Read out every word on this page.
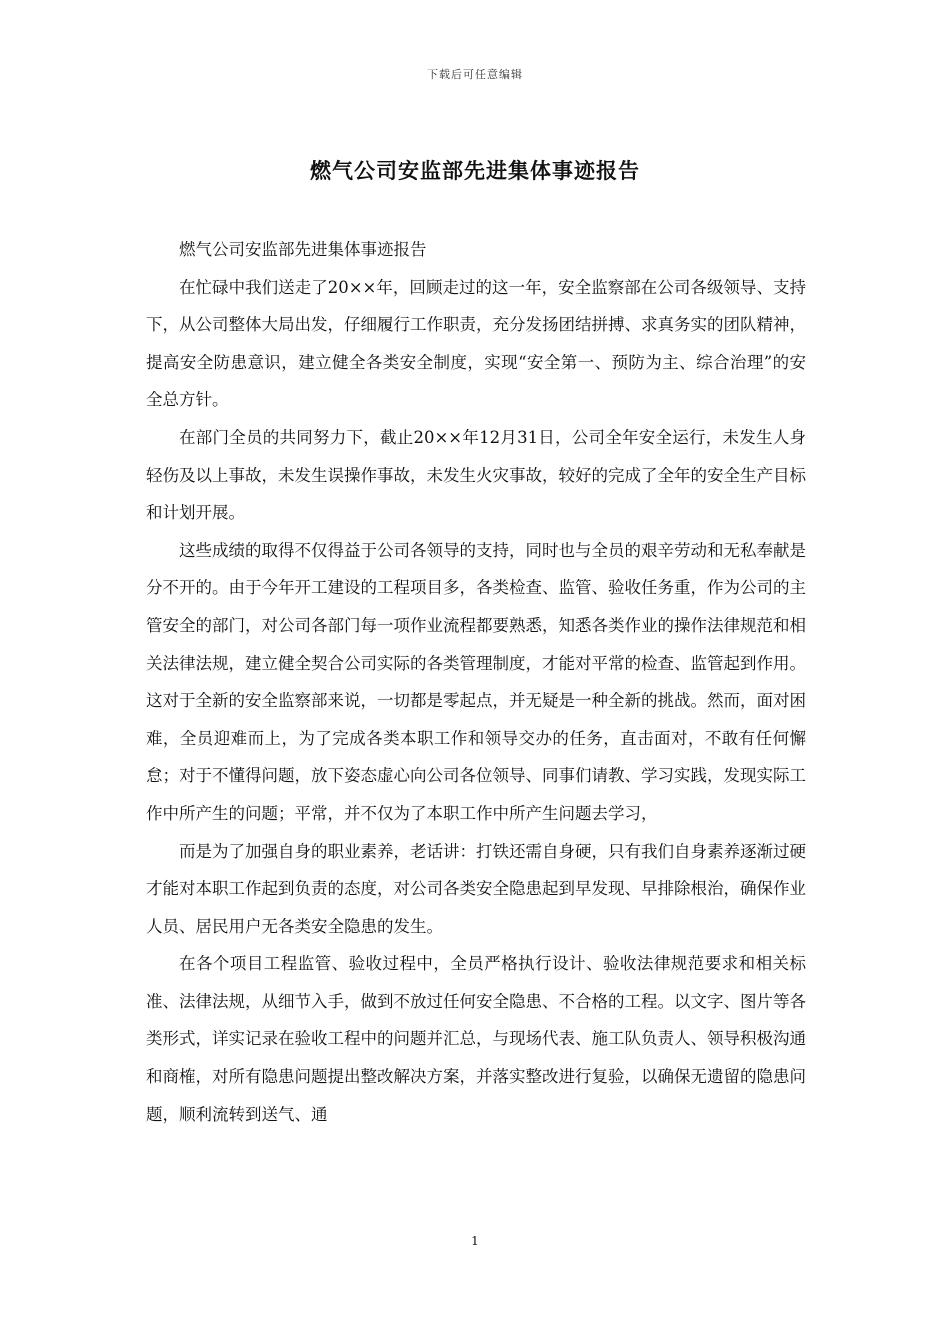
下载后可任意编辑
燃气公司安监部先进集体事迹报告

燃气公司安监部先进集体事迹报告

在忙碌中我们送走了20××年，回顾走过的这一年，安全监察部在公司各级领导、支持下，从公司整体大局出发，仔细履行工作职责，充分发扬团结拼搏、求真务实的团队精神，提高安全防患意识，建立健全各类安全制度，实现“安全第一、预防为主、综合治理”的安全总方针。

在部门全员的共同努力下，截止20××年12月31日，公司全年安全运行，未发生人身轻伤及以上事故，未发生误操作事故，未发生火灾事故，较好的完成了全年的安全生产目标和计划开展。

这些成绩的取得不仅得益于公司各领导的支持，同时也与全员的艰辛劳动和无私奉献是分不开的。由于今年开工建设的工程项目多，各类检查、监管、验收任务重，作为公司的主管安全的部门，对公司各部门每一项作业流程都要熟悉，知悉各类作业的操作法律规范和相关法律法规，建立健全契合公司实际的各类管理制度，才能对平常的检查、监管起到作用。这对于全新的安全监察部来说，一切都是零起点，并无疑是一种全新的挑战。然而，面对困难，全员迎难而上，为了完成各类本职工作和领导交办的任务，直击面对，不敢有任何懈怠；对于不懂得问题，放下姿态虚心向公司各位领导、同事们请教、学习实践，发现实际工作中所产生的问题；平常，并不仅为了本职工作中所产生问题去学习，

而是为了加强自身的职业素养，老话讲：打铁还需自身硬，只有我们自身素养逐渐过硬才能对本职工作起到负责的态度，对公司各类安全隐患起到早发现、早排除根治，确保作业人员、居民用户无各类安全隐患的发生。

在各个项目工程监管、验收过程中，全员严格执行设计、验收法律规范要求和相关标准、法律法规，从细节入手，做到不放过任何安全隐患、不合格的工程。以文字、图片等各类形式，详实记录在验收工程中的问题并汇总，与现场代表、施工队负责人、领导积极沟通和商榷，对所有隐患问题提出整改解决方案，并落实整改进行复验，以确保无遗留的隐患问题，顺利流转到送气、通

1
